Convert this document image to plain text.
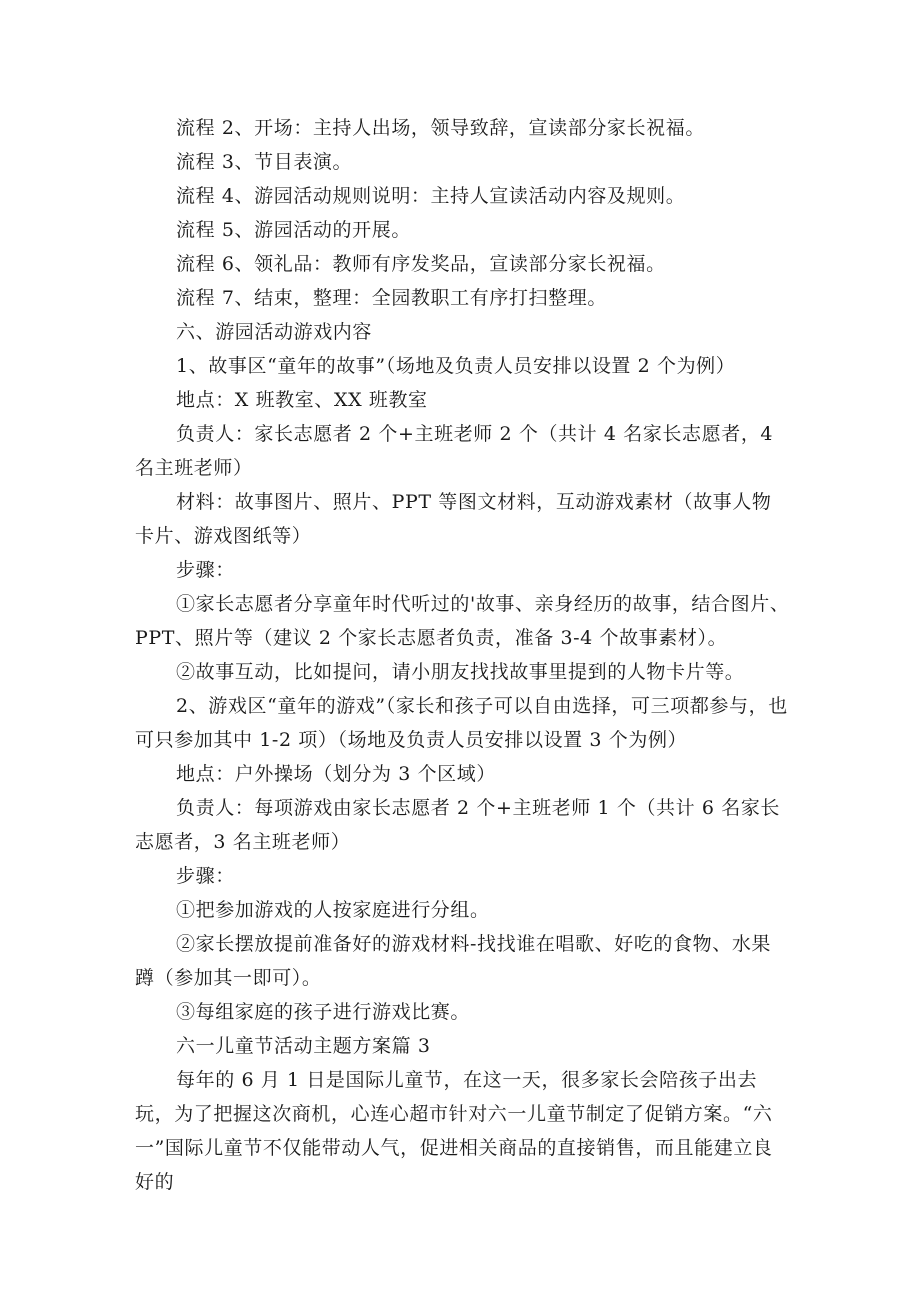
流程 2、开场：主持人出场，领导致辞，宣读部分家长祝福。

流程 3、节目表演。

流程 4、游园活动规则说明：主持人宣读活动内容及规则。

流程 5、游园活动的开展。

流程 6、领礼品：教师有序发奖品，宣读部分家长祝福。

流程 7、结束，整理：全园教职工有序打扫整理。

六、游园活动游戏内容

1、故事区“童年的故事”（场地及负责人员安排以设置 2 个为例）

地点：X 班教室、XX 班教室

负责人：家长志愿者 2 个+主班老师 2 个（共计 4 名家长志愿者，4 名主班老师）

材料：故事图片、照片、PPT 等图文材料，互动游戏素材（故事人物卡片、游戏图纸等）

步骤：

①家长志愿者分享童年时代听过的'故事、亲身经历的故事，结合图片、PPT、照片等（建议 2 个家长志愿者负责，准备 3-4 个故事素材）。

②故事互动，比如提问，请小朋友找找故事里提到的人物卡片等。

2、游戏区“童年的游戏”（家长和孩子可以自由选择，可三项都参与，也可只参加其中 1-2 项）（场地及负责人员安排以设置 3 个为例）

地点：户外操场（划分为 3 个区域）

负责人：每项游戏由家长志愿者 2 个+主班老师 1 个（共计 6 名家长志愿者，3 名主班老师）

步骤：

①把参加游戏的人按家庭进行分组。

②家长摆放提前准备好的游戏材料-找找谁在唱歌、好吃的食物、水果蹲（参加其一即可）。

③每组家庭的孩子进行游戏比赛。

六一儿童节活动主题方案篇 3

每年的 6 月 1 日是国际儿童节，在这一天，很多家长会陪孩子出去玩，为了把握这次商机，心连心超市针对六一儿童节制定了促销方案。“六一”国际儿童节不仅能带动人气，促进相关商品的直接销售，而且能建立良好的
